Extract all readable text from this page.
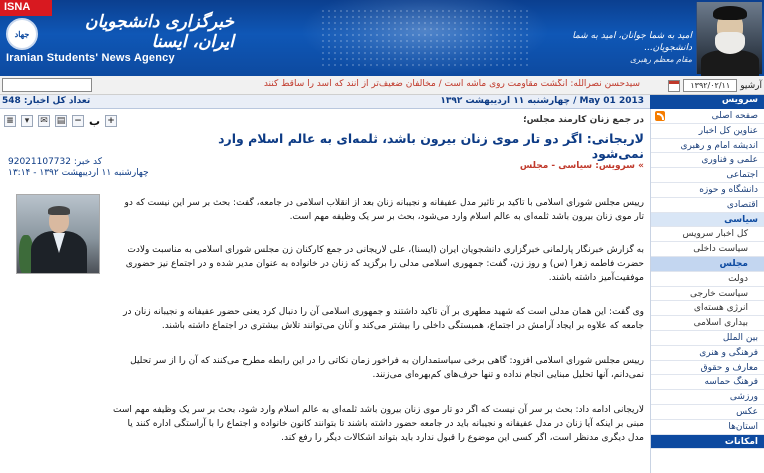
ISNA
جهاد
خبرگزاری دانشجویان ایران، ایسنا
Iranian Students' News Agency
امید به شما جوانان، امید به شما دانشجویان...
مقام معظم رهبری
سیدحسن نصرالله: انگشت مقاومت روی ماشه است / مخالفان ضعیف‌تر از آنند که اسد را ساقط کنند	آرشیو
۱۳۹۲/۰۲/۱۱
تعداد کل اخبار: 548	چهارشنبه ۱۱ اردیبهشت ۱۳۹۲ / May 01 2013	سرویس
صفحه اصلی
عناوین کل اخبار
اندیشه امام و رهبری
علمی و فناوری
اجتماعی
دانشگاه و حوزه
اقتصادی
سیاسی
کل اخبار سرویس
سیاست داخلی
مجلس
دولت
سیاست خارجی
انرژی هسته‌ای
بیداری اسلامی
بین الملل
فرهنگی و هنری
معارف و حقوق
فرهنگ حماسه
ورزشی
عکس
استان‌ها
امکانات
≡	▾	✉ ▤ − ب +	در جمع زنان کارمند مجلس؛
لاریجانی: اگر دو تار موی زنان بیرون باشد، ثلمه‌ای به عالم اسلام وارد نمی‌شود
» سرویس: سیاسی - مجلس
کد خبر: 92021107732
چهارشنبه ۱۱ اردیبهشت ۱۳۹۲ - ۱۳:۱۴
رییس مجلس شورای اسلامی با تاکید بر تاثیر مدل عفیفانه و نجیبانه زنان بعد از انقلاب اسلامی در جامعه، گفت: بحث بر سر این نیست که دو تار موی زنان بیرون باشد ثلمه‌ای به عالم اسلام وارد می‌شود، بحث بر سر یک وظیفه مهم است.
به گزارش خبرنگار پارلمانی خبرگزاری دانشجویان ایران (ایسنا)، علی لاریجانی در جمع کارکنان زن مجلس شورای اسلامی به مناسبت ولادت حضرت فاطمه زهرا (س) و روز زن، گفت: جمهوری اسلامی مدلی را برگزید که زنان در خانواده به عنوان مدیر شده و در اجتماع نیز حضوری موفقیت‌آمیز داشته باشند.
وی گفت: این همان مدلی است که شهید مطهری بر آن تاکید داشتند و جمهوری اسلامی آن را دنبال کرد یعنی حضور عفیفانه و نجیبانه زنان در جامعه که علاوه بر ایجاد آرامش در اجتماع، همبستگی داخلی را بیشتر می‌کند و آنان می‌توانند تلاش بیشتری در اجتماع داشته باشند.
رییس مجلس شورای اسلامی افزود: گاهی برخی سیاستمداران به فراخور زمان نکاتی را در این رابطه مطرح می‌کنند که آن را از سر تحلیل نمی‌دانم، آنها تحلیل مبنایی انجام نداده و تنها حرف‌های کم‌بهره‌ای می‌زنند.
لاریجانی ادامه داد: بحث بر سر آن نیست که اگر دو تار موی زنان بیرون باشد ثلمه‌ای به عالم اسلام وارد شود، بحث بر سر یک وظیفه مهم است مبنی بر اینکه آیا زنان در مدل عفیفانه و نجیبانه باید در جامعه حضور داشته باشند تا بتوانند کانون خانواده و اجتماع را با آراستگی اداره کنند یا مدل دیگری مدنظر است، اگر کسی این موضوع را قبول ندارد باید بتواند اشکالات دیگر را رفع کند.
